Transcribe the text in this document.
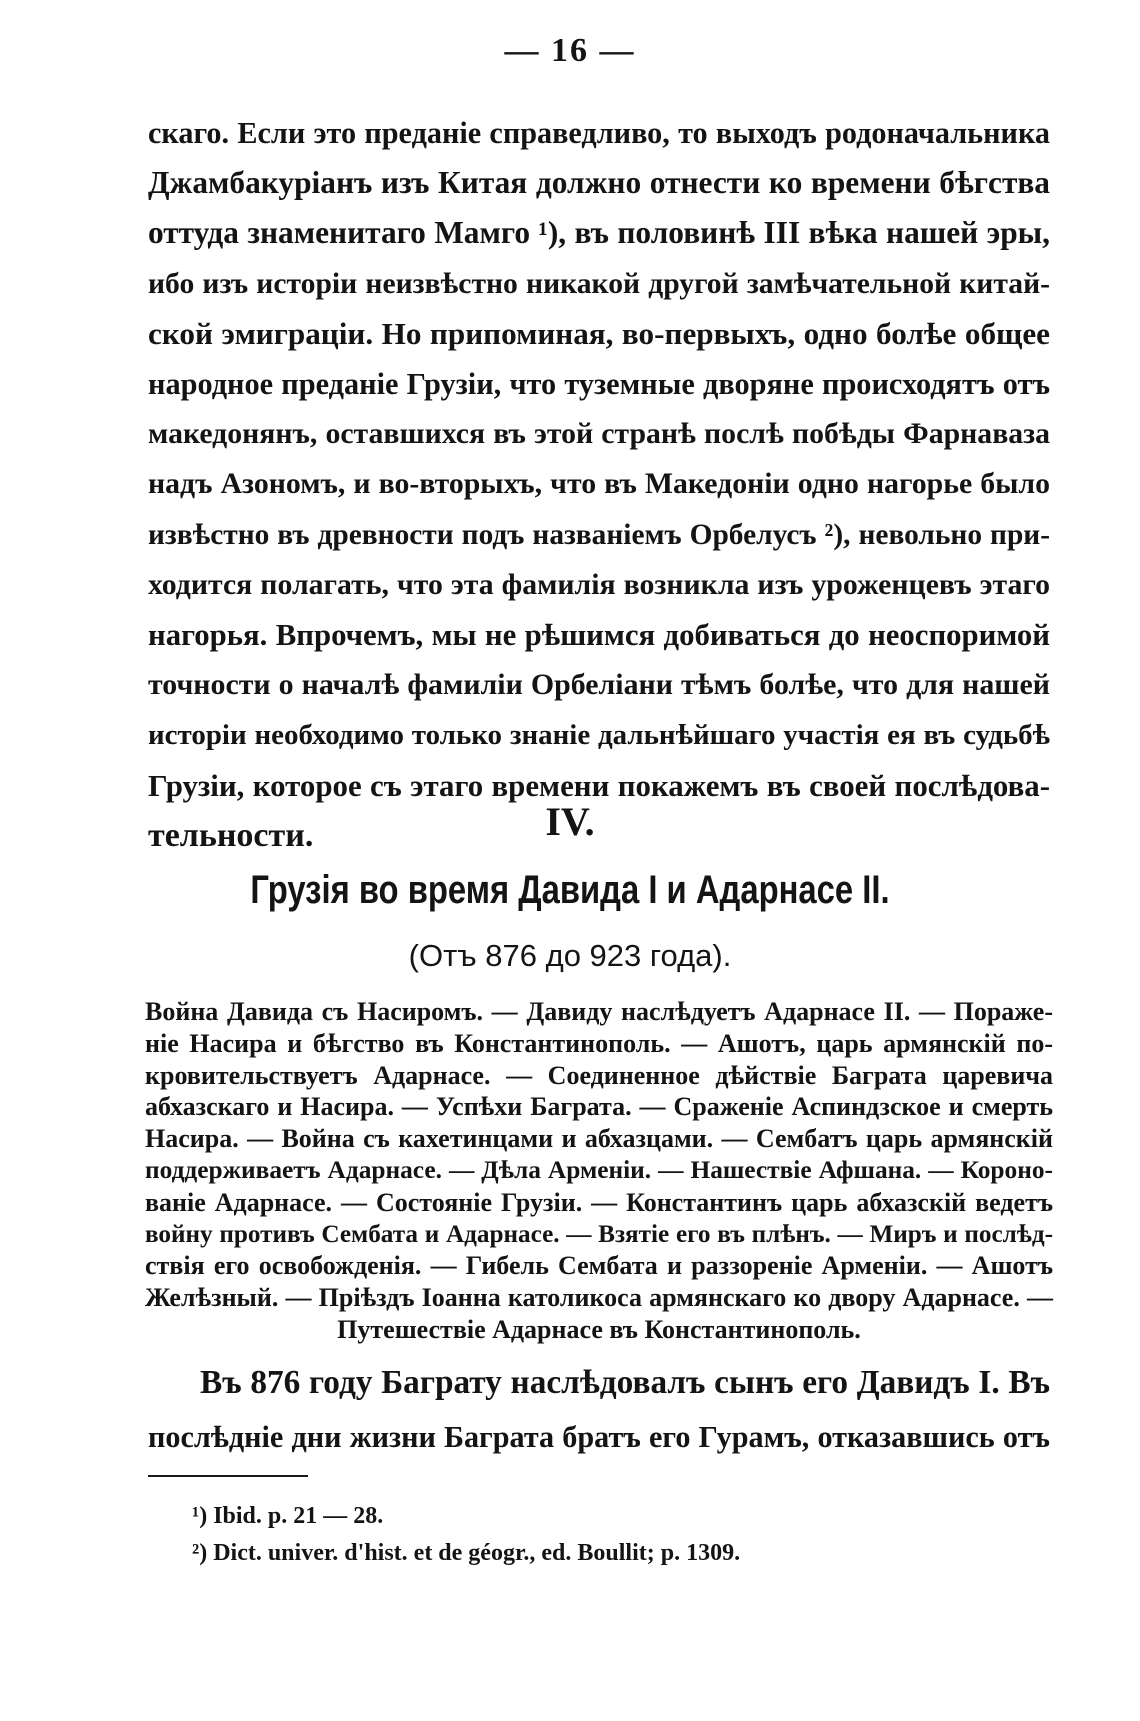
— 16 —
скаго. Если это преданіе справедливо, то выходъ родоначальника
Джамбакуріанъ изъ Китая должно отнести ко времени бѣгства
оттуда знаменитаго Мамго ¹), въ половинѣ III вѣка нашей эры,
ибо изъ исторіи неизвѣстно никакой другой замѣчательной китай-
ской эмиграціи. Но припоминая, во-первыхъ, одно болѣе общее
народное преданіе Грузіи, что туземные дворяне происходятъ отъ
македонянъ, оставшихся въ этой странѣ послѣ побѣды Фарнаваза
надъ Азономъ, и во-вторыхъ, что въ Македоніи одно нагорье было
извѣстно въ древности подъ названіемъ Орбелусъ ²), невольно при-
ходится полагать, что эта фамилія возникла изъ уроженцевъ этаго
нагорья. Впрочемъ, мы не рѣшимся добиваться до неоспоримой
точности о началѣ фамиліи Орбеліани тѣмъ болѣе, что для нашей
исторіи необходимо только знаніе дальнѣйшаго участія ея въ судьбѣ
Грузіи, которое съ этаго времени покажемъ въ своей послѣдова-
тельности.	IV.
Грузія во время Давида I и Адарнасе II.
(Отъ 876 до 923 года).
Война Давида съ Насиромъ. — Давиду наслѣдуетъ Адарнасе II. — Пораже-
ніе Насира и бѣгство въ Константинополь. — Ашотъ, царь армянскій по-
кровительствуетъ Адарнасе. — Соединенное дѣйствіе Баграта царевича
абхазскаго и Насира. — Успѣхи Баграта. — Сраженіе Аспиндзское и смерть
Насира. — Война съ кахетинцами и абхазцами. — Сембатъ царь армянскій
поддерживаетъ Адарнасе. — Дѣла Арменіи. — Нашествіе Афшана. — Короно-
ваніе Адарнасе. — Состояніе Грузіи. — Константинъ царь абхазскій ведетъ
войну противъ Сембата и Адарнасе. — Взятіе его въ плѣнъ. — Миръ и послѣд-
ствія его освобожденія. — Гибель Сембата и раззореніе Арменіи. — Ашотъ
Желѣзный. — Пріѣздъ Іоанна католикоса армянскаго ко двору Адарнасе. —
Путешествіе Адарнасе въ Константинополь.
Въ 876 году Баграту наслѣдовалъ сынъ его Давидъ I. Въ
послѣдніе дни жизни Баграта братъ его Гурамъ, отказавшись отъ
¹) Ibid. p. 21 — 28.
²) Dict. univer. d'hist. et de géogr., ed. Boullit; p. 1309.
